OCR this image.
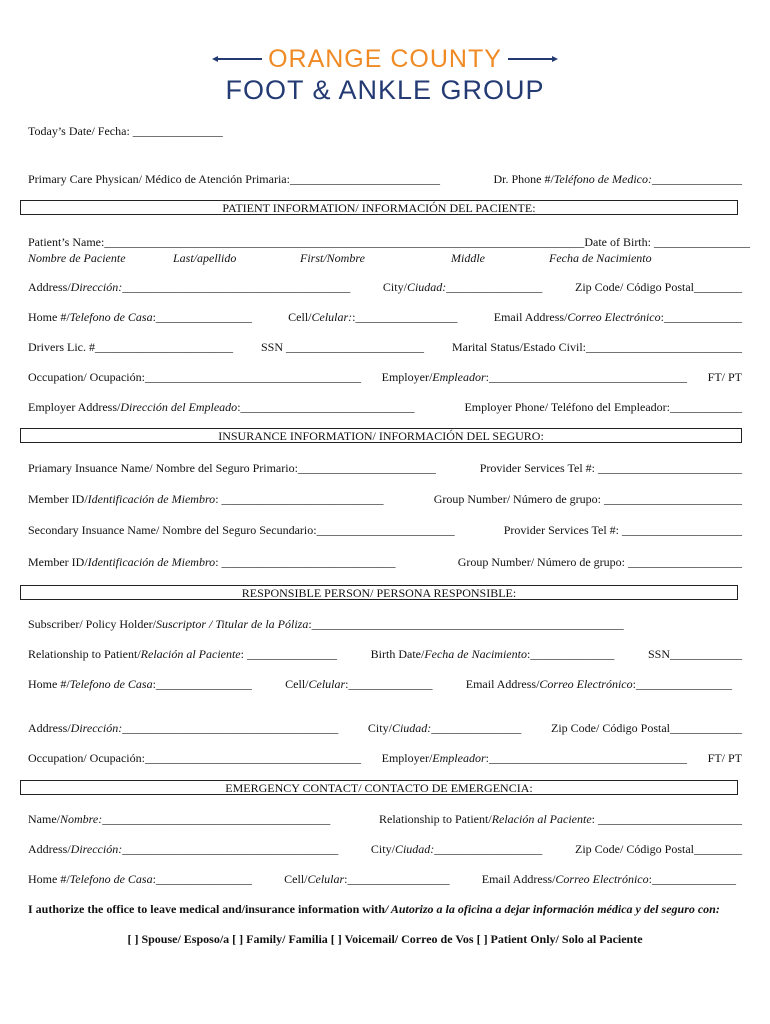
ORANGE COUNTY
FOOT & ANKLE GROUP
Today’s Date/ Fecha: _______________
Primary Care Physican/ Médico de Atención Primaria:_________________________	Dr. Phone #/Teléfono de Medico:_______________
PATIENT INFORMATION/ INFORMACIÓN DEL PACIENTE:
Patient’s Name:________________________________________________________________________________ Date of Birth: ________________
Nombre de Paciente	Last/apellido	First/Nombre	Middle	Fecha de Nacimiento
Address/Dirección:______________________________________	City/Ciudad:________________	Zip Code/ Código Postal________
Home #/Telefono de Casa:________________	Cell/Celular::_________________	Email Address/Correo Electrónico:_____________
Drivers Lic. #_______________________ SSN _______________________ Marital Status/Estado Civil:__________________________
Occupation/ Ocupación:____________________________________ Employer/Empleador:_________________________________ FT/ PT
Employer Address/Dirección del Empleado:_____________________________	Employer Phone/ Teléfono del Empleador:____________
INSURANCE INFORMATION/ INFORMACIÓN DEL SEGURO:
Priamary Insuance Name/ Nombre del Seguro Primario:_______________________	Provider Services Tel #: ________________________
Member ID/Identificación de Miembro: ___________________________	Group Number/ Número de grupo: _______________________
Secondary Insuance Name/ Nombre del Seguro Secundario:_______________________	Provider Services Tel #: ____________________
Member ID/Identificación de Miembro: _____________________________	Group Number/ Número de grupo: ___________________
RESPONSIBLE PERSON/ PERSONA RESPONSIBLE:
Subscriber/ Policy Holder/Suscriptor / Titular de la Póliza:____________________________________________________
Relationship to Patient/Relación al Paciente: _______________	Birth Date/Fecha de Nacimiento:______________	SSN____________
Home #/Telefono de Casa:________________	Cell/Celular:______________	Email Address/Correo Electrónico:________________
Address/Dirección:____________________________________ City/Ciudad:_______________ Zip Code/ Código Postal____________
Occupation/ Ocupación:____________________________________ Employer/Empleador:_________________________________ FT/ PT
EMERGENCY CONTACT/ CONTACTO DE EMERGENCIA:
Name/Nombre:______________________________________	Relationship to Patient/Relación al Paciente: ________________________
Address/Dirección:____________________________________	City/Ciudad:__________________	Zip Code/ Código Postal________
Home #/Telefono de Casa:________________	Cell/Celular:_________________	Email Address/Correo Electrónico:______________
I authorize the office to leave medical and/insurance information with/ Autorizo a la oficina a dejar información médica y del seguro con:
[ ] Spouse/ Esposo/a [ ] Family/ Familia [ ] Voicemail/ Correo de Vos [ ] Patient Only/ Solo al Paciente
